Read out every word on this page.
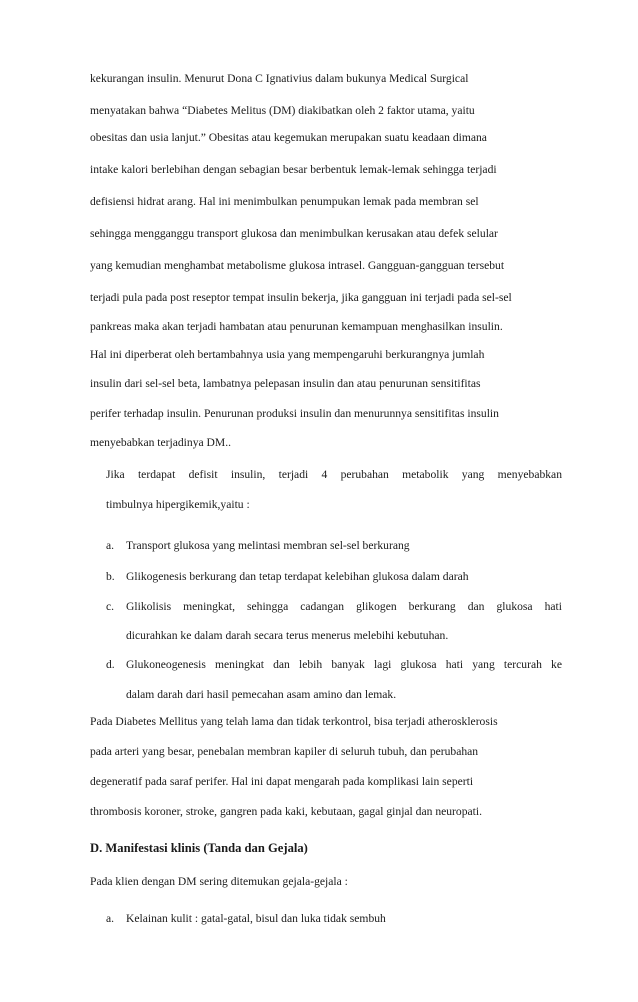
kekurangan insulin. Menurut Dona C Ignativius dalam bukunya Medical Surgical
menyatakan bahwa “Diabetes Melitus (DM) diakibatkan oleh 2 faktor utama, yaitu
obesitas dan usia lanjut.” Obesitas atau kegemukan merupakan suatu keadaan dimana
intake kalori berlebihan dengan sebagian besar berbentuk lemak-lemak sehingga terjadi
defisiensi hidrat arang. Hal ini menimbulkan penumpukan lemak pada membran sel
sehingga mengganggu transport glukosa dan menimbulkan kerusakan atau defek selular
yang kemudian menghambat metabolisme glukosa intrasel. Gangguan-gangguan tersebut
terjadi pula pada post reseptor tempat insulin bekerja, jika gangguan ini terjadi pada sel-sel
pankreas maka akan terjadi hambatan atau penurunan kemampuan menghasilkan insulin.
Hal ini diperberat oleh bertambahnya usia yang mempengaruhi berkurangnya jumlah
insulin dari sel-sel beta, lambatnya pelepasan insulin dan atau penurunan sensitifitas
perifer terhadap insulin. Penurunan produksi insulin dan menurunnya sensitifitas insulin
menyebabkan terjadinya DM..
Jika terdapat defisit insulin, terjadi 4 perubahan metabolik yang menyebabkan
timbulnya hipergikemik,yaitu :
a. Transport glukosa yang melintasi membran sel-sel berkurang
b. Glikogenesis berkurang dan tetap terdapat kelebihan glukosa dalam darah
c. Glikolisis meningkat, sehingga cadangan glikogen berkurang dan glukosa hati
dicurahkan ke dalam darah secara terus menerus melebihi kebutuhan.
d. Glukoneogenesis meningkat dan lebih banyak lagi glukosa hati yang tercurah ke
dalam darah dari hasil pemecahan asam amino dan lemak.
Pada Diabetes Mellitus yang telah lama dan tidak terkontrol, bisa terjadi atherosklerosis
pada arteri yang besar, penebalan membran kapiler di seluruh tubuh, dan perubahan
degeneratif pada saraf perifer. Hal ini dapat mengarah pada komplikasi lain seperti
thrombosis koroner, stroke, gangren pada kaki, kebutaan, gagal ginjal dan neuropati.
D. Manifestasi klinis (Tanda dan Gejala)
Pada klien dengan DM sering ditemukan gejala-gejala :
a. Kelainan kulit : gatal-gatal, bisul dan luka tidak sembuh
